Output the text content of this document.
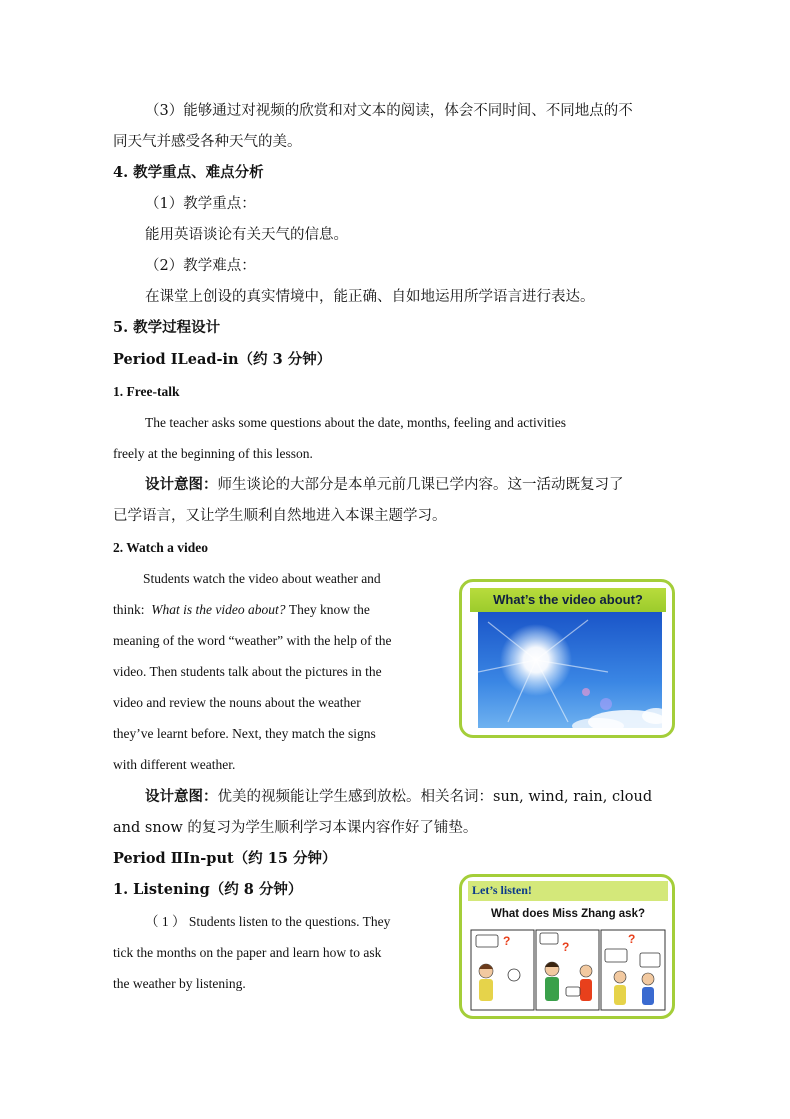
（3）能够通过对视频的欣赏和对文本的阅读，体会不同时间、不同地点的不
同天气并感受各种天气的美。
4. 教学重点、难点分析
（1）教学重点：
能用英语谈论有关天气的信息。
（2）教学难点：
在课堂上创设的真实情境中，能正确、自如地运用所学语言进行表达。
5. 教学过程设计
Period ⅠLead-in（约 3 分钟）
1. Free-talk
The teacher asks some questions about the date, months, feeling and activities
freely at the beginning of this lesson.
设计意图：师生谈论的大部分是本单元前几课已学内容。这一活动既复习了
已学语言，又让学生顺利自然地进入本课主题学习。
2. Watch a video
Students watch the video about weather and
think: What is the video about? They know the
meaning of the word “weather” with the help of the
video. Then students talk about the pictures in the
video and review the nouns about the weather
they’ve learnt before. Next, they match the signs
with different weather.
What’s the video about?
设计意图：优美的视频能让学生感到放松。相关名词：sun, wind, rain, cloud
and snow 的复习为学生顺利学习本课内容作好了铺垫。
Period ⅡIn-put（约 15 分钟）
1. Listening（约 8 分钟）
（ 1 ） Students listen to the questions. They
tick the months on the paper and learn how to ask
the weather by listening.
Let’s listen!
What does Miss Zhang ask?
?	?
?
